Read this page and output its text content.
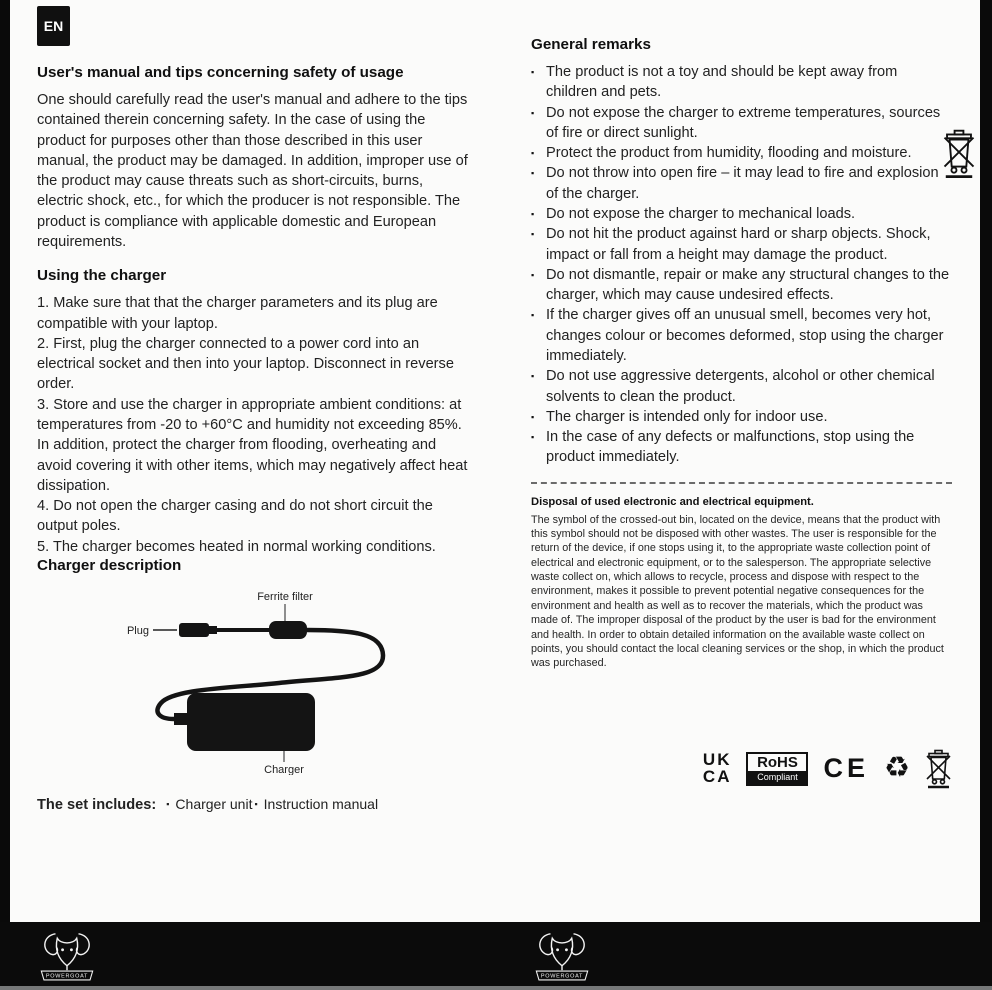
EN
User's manual and tips concerning safety of usage

One should carefully read the user's manual and adhere to the tips contained therein concerning safety. In the case of using the product for purposes other than those described in this user manual, the product may be damaged. In addition, improper use of the product may cause threats such as short-circuits, burns, electric shock, etc., for which the producer is not responsible. The product is compliance with applicable domestic and European requirements.

Using the charger

1. Make sure that that the charger parameters and its plug are compatible with your laptop.

2. First, plug the charger connected to a power cord into an electrical socket and then into your laptop. Disconnect in reverse order.

3. Store and use the charger in appropriate ambient conditions: at temperatures from -20 to +60°C and humidity not exceeding 85%. In addition, protect the charger from flooding, overheating and avoid covering it with other items, which may negatively affect heat dissipation.

4. Do not open the charger casing and do not short circuit the output poles.

5. The charger becomes heated in normal working conditions.

Charger description
Ferrite filter
Plug
Charger
The set includes: ▪ Charger unit ▪ Instruction manual
General remarks
▪ The product is not a toy and should be kept away from children and pets.
▪ Do not expose the charger to extreme temperatures, sources of fire or direct sunlight.
▪ Protect the product from humidity, flooding and moisture.
▪ Do not throw into open fire – it may lead to fire and explosion of the charger.
▪ Do not expose the charger to mechanical loads.
▪ Do not hit the product against hard or sharp objects. Shock, impact or fall from a height may damage the product.
▪ Do not dismantle, repair or make any structural changes to the charger, which may cause undesired effects.
▪ If the charger gives off an unusual smell, becomes very hot, changes colour or becomes deformed, stop using the charger immediately.
▪ Do not use aggressive detergents, alcohol or other chemical solvents to clean the product.
▪ The charger is intended only for indoor use.
▪ In the case of any defects or malfunctions, stop using the product immediately.
Disposal of used electronic and electrical equipment.

The symbol of the crossed-out bin, located on the device, means that the product with this symbol should not be disposed with other wastes. The user is responsible for the return of the device, if one stops using it, to the appropriate waste collection point of electrical and electronic equipment, or to the salesperson. The appropriate selective waste collect on, which allows to recycle, process and dispose with respect to the environment, makes it possible to prevent potential negative consequences for the environment and health as well as to recover the materials, which the product was made of. The improper disposal of the product by the user is bad for the environment and health. In order to obtain detailed information on the available waste collect on points, you should contact the local cleaning services or the shop, in which the product was purchased.

UK
CA
RoHS
Compliant CE ♻
POWERGOAT	POWERGOAT
